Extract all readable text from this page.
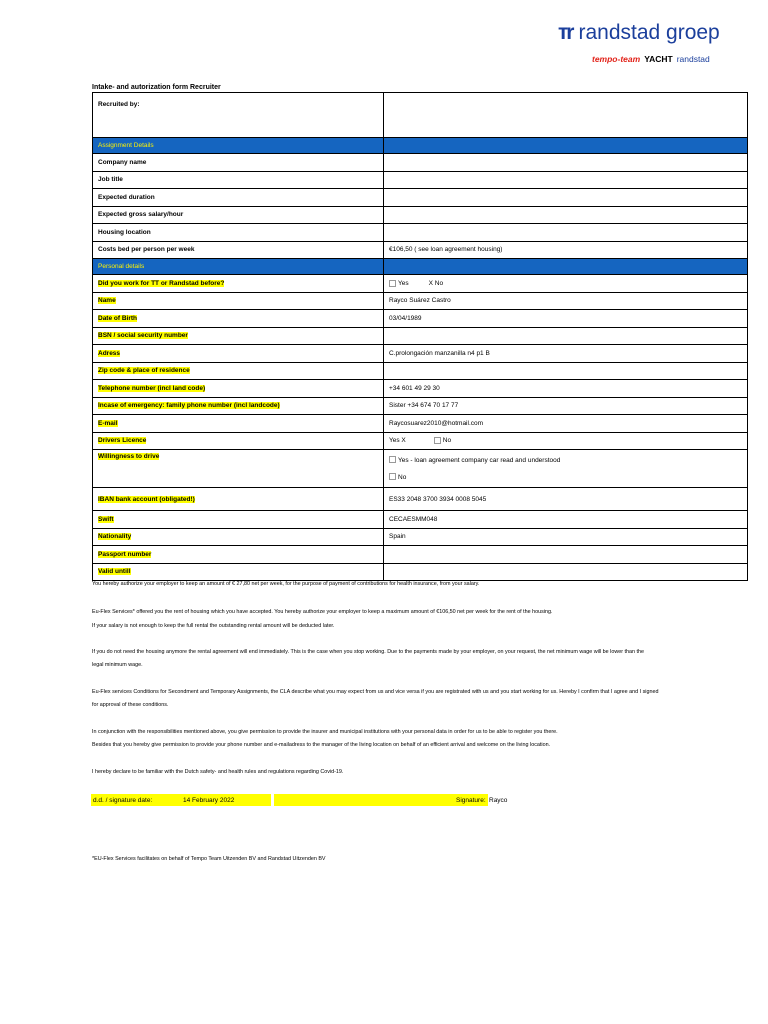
ᴛr randstad groep
tempo-team YACHT randstad
Intake- and autorization form Recruiter
Recruited by:	
Assignment Details	
Company name	
Job title	
Expected duration	
Expected gross salary/hour	
Housing location	
Costs bed per person per week	€106,50 ( see loan agreement housing)
Personal details	
Did you work for TT or Randstad before?	Yes X No
Name	Rayco Suárez Castro
Date of Birth	03/04/1989
BSN / social security number	
Adress	C.prolongación manzanilla n4 p1 B
Zip code & place of residence	
Telephone number (incl land code)	+34 601 49 29 30
Incase of emergency: family phone number (incl landcode)	Sister +34 674 70 17 77
E-mail	Raycosuarez2010@hotmail.com
Drivers Licence	Yes X No
Willingness to drive	Yes - loan agreement company car read and understood
No

IBAN bank account (obligated!)	ES33 2048 3700 3934 0008 5045
Swift	CECAESMM048
Nationality	Spain
Passport number	
Valid untill	
You hereby authorize your employer to keep an amount of € 27,80 net per week, for the purpose of payment of contributions for health insurance, from your salary.
Eu-Flex Services* offered you the rent of housing which you have accepted. You hereby authorize your employer to keep a maximum amount of €106,50 net per week for the rent of the housing.
If your salary is not enough to keep the full rental the outstanding rental amount will be deducted later.
If you do not need the housing anymore the rental agreement will end immediately. This is the case when you stop working. Due to the payments made by your employer, on your request, the net minimum wage will be lower than the
legal minimum wage.
Eu-Flex services Conditions for Secondment and Temporary Assignments, the CLA describe what you may expect from us and vice versa if you are registrated with us and you start working for us. Hereby I confirm that I agree and I signed
for approval of these conditions.
In conjunction with the responsibilities mentioned above, you give permission to provide the insurer and municipal institutions with your personal data in order for us to be able to register you there.
Besides that you hereby give permission to provide your phone number and e-mailadress to the manager of the living location on behalf of an efficient arrival and welcome on the living location.
I hereby declare to be familiar with the Dutch safety- and health rules and regulations regarding Covid-19.
d.d. / signature date:	14 February 2022	Signature: Rayco
*EU-Flex Services facilitates on behalf of Tempo Team Uitzenden BV and Randstad Uitzenden BV
